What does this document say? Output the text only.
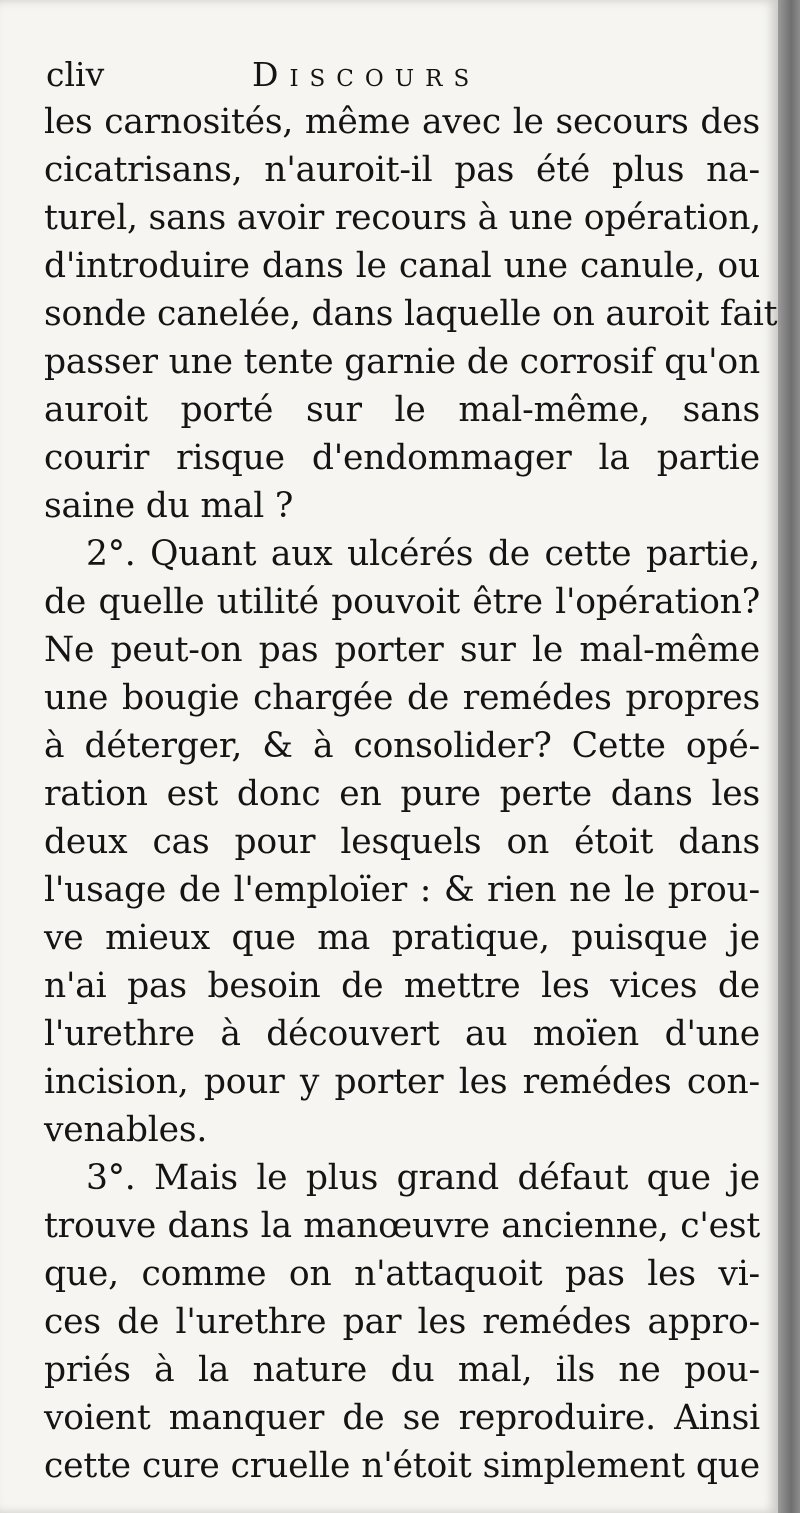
cliv	Discours
les carnosités, même avec le secours des
cicatrisans, n'auroit-il pas été plus na-
turel, sans avoir recours à une opération,
d'introduire dans le canal une canule, ou
sonde canelée, dans laquelle on auroit fait
passer une tente garnie de corrosif qu'on
auroit porté sur le mal-même, sans
courir risque d'endommager la partie
saine du mal ?
2°. Quant aux ulcérés de cette partie,
de quelle utilité pouvoit être l'opération?
Ne peut-on pas porter sur le mal-même
une bougie chargée de remédes propres
à déterger, & à consolider? Cette opé-
ration est donc en pure perte dans les
deux cas pour lesquels on étoit dans
l'usage de l'emploïer : & rien ne le prou-
ve mieux que ma pratique, puisque je
n'ai pas besoin de mettre les vices de
l'urethre à découvert au moïen d'une
incision, pour y porter les remédes con-
venables.
3°. Mais le plus grand défaut que je
trouve dans la manœuvre ancienne, c'est
que, comme on n'attaquoit pas les vi-
ces de l'urethre par les remédes appro-
priés à la nature du mal, ils ne pou-
voient manquer de se reproduire. Ainsi
cette cure cruelle n'étoit simplement que
